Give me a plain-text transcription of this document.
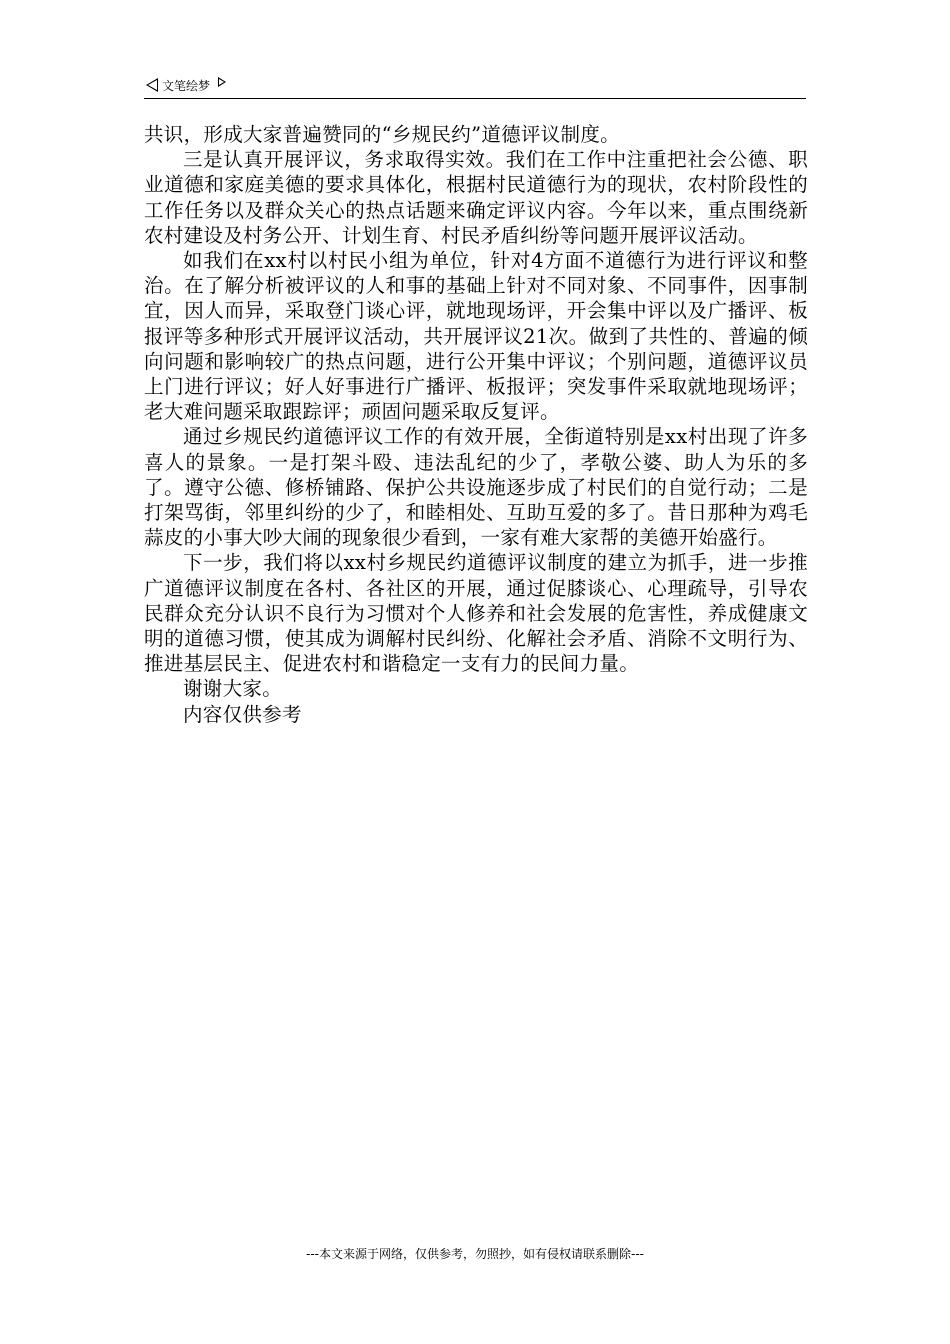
文笔绘梦

共识，形成大家普遍赞同的“乡规民约”道德评议制度。

三是认真开展评议，务求取得实效。我们在工作中注重把社会公德、职业道德和家庭美德的要求具体化，根据村民道德行为的现状，农村阶段性的工作任务以及群众关心的热点话题来确定评议内容。今年以来，重点围绕新农村建设及村务公开、计划生育、村民矛盾纠纷等问题开展评议活动。

如我们在xx村以村民小组为单位，针对4方面不道德行为进行评议和整治。在了解分析被评议的人和事的基础上针对不同对象、不同事件，因事制宜，因人而异，采取登门谈心评，就地现场评，开会集中评以及广播评、板报评等多种形式开展评议活动，共开展评议21次。做到了共性的、普遍的倾向问题和影响较广的热点问题，进行公开集中评议；个别问题，道德评议员上门进行评议；好人好事进行广播评、板报评；突发事件采取就地现场评；老大难问题采取跟踪评；顽固问题采取反复评。

通过乡规民约道德评议工作的有效开展，全街道特别是xx村出现了许多喜人的景象。一是打架斗殴、违法乱纪的少了，孝敬公婆、助人为乐的多了。遵守公德、修桥铺路、保护公共设施逐步成了村民们的自觉行动；二是打架骂街，邻里纠纷的少了，和睦相处、互助互爱的多了。昔日那种为鸡毛蒜皮的小事大吵大闹的现象很少看到，一家有难大家帮的美德开始盛行。

下一步，我们将以xx村乡规民约道德评议制度的建立为抓手，进一步推广道德评议制度在各村、各社区的开展，通过促膝谈心、心理疏导，引导农民群众充分认识不良行为习惯对个人修养和社会发展的危害性，养成健康文明的道德习惯，使其成为调解村民纠纷、化解社会矛盾、消除不文明行为、推进基层民主、促进农村和谐稳定一支有力的民间力量。

谢谢大家。

内容仅供参考

---本文来源于网络，仅供参考，勿照抄，如有侵权请联系删除---
